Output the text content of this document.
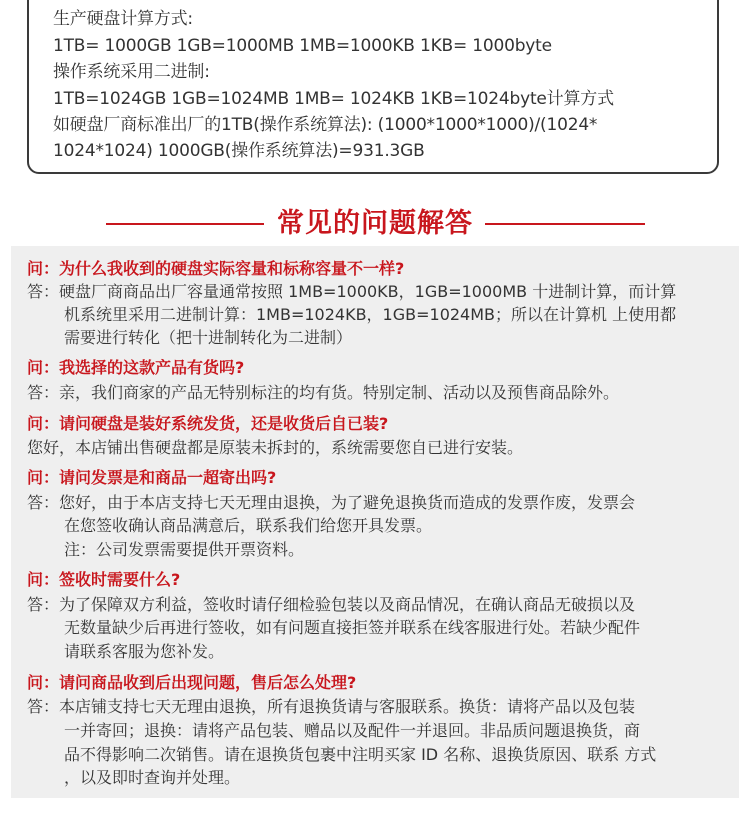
生产硬盘计算方式:
1TB= 1000GB 1GB=1000MB 1MB=1000KB 1KB= 1000byte
操作系统采用二进制:
1TB=1024GB 1GB=1024MB 1MB= 1024KB 1KB=1024byte计算方式
如硬盘厂商标准出厂的1TB(操作系统算法): (1000*1000*1000)/(1024*
1024*1024) 1000GB(操作系统算法)=931.3GB
常见的问题解答
问：为什么我收到的硬盘实际容量和标称容量不一样?
答：硬盘厂商商品出厂容量通常按照 1MB=1000KB，1GB=1000MB 十进制计算，而计算
机系统里采用二进制计算：1MB=1024KB，1GB=1024MB；所以在计算机 上使用都
需要进行转化（把十进制转化为二进制）
问：我选择的这款产品有货吗?
答：亲，我们商家的产品无特别标注的均有货。特别定制、活动以及预售商品除外。
问：请问硬盘是装好系统发货，还是收货后自已装?
您好，本店铺出售硬盘都是原装未拆封的，系统需要您自已进行安装。
问：请问发票是和商品一超寄出吗?
答：您好，由于本店支持七天无理由退换，为了避免退换货而造成的发票作废，发票会
在您签收确认商品满意后，联系我们给您开具发票。
注：公司发票需要提供开票资料。
问：签收时需要什么?
答：为了保障双方利益，签收时请仔细检验包装以及商品情况，在确认商品无破损以及
无数量缺少后再进行签收，如有问题直接拒签并联系在线客服进行处。若缺少配件
请联系客服为您补发。
问：请问商品收到后出现问题，售后怎么处理?
答：本店铺支持七天无理由退换，所有退换货请与客服联系。换货：请将产品以及包装
一并寄回；退换：请将产品包装、赠品以及配件一并退回。非品质问题退换货，商
品不得影响二次销售。请在退换货包裹中注明买家 ID 名称、退换货原因、联系 方式
，以及即时查询并处理。
